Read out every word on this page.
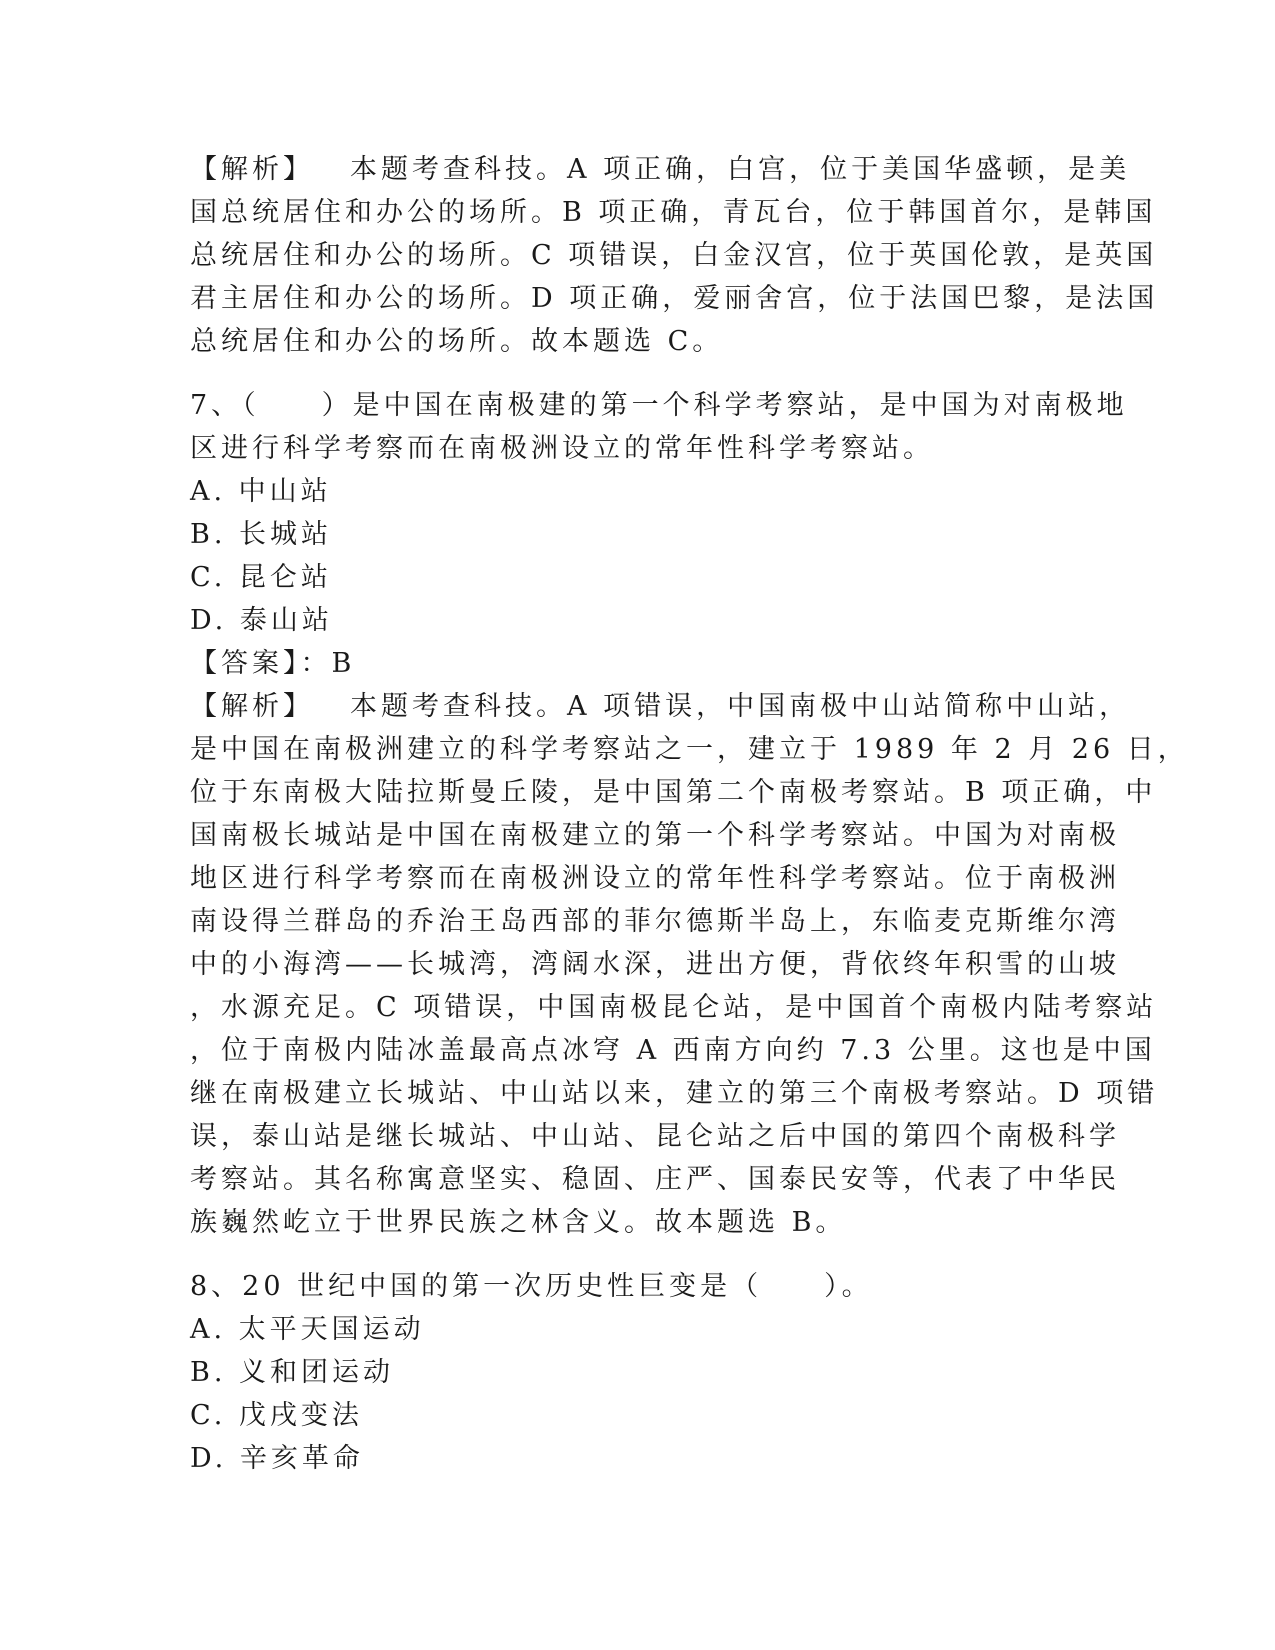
【解析】 本题考查科技。A 项正确，白宫，位于美国华盛顿，是美

国总统居住和办公的场所。B 项正确，青瓦台，位于韩国首尔，是韩国

总统居住和办公的场所。C 项错误，白金汉宫，位于英国伦敦，是英国

君主居住和办公的场所。D 项正确，爱丽舍宫，位于法国巴黎，是法国

总统居住和办公的场所。故本题选 C。

7、（　　）是中国在南极建的第一个科学考察站，是中国为对南极地

区进行科学考察而在南极洲设立的常年性科学考察站。

A. 中山站

B. 长城站

C. 昆仑站

D. 泰山站

【答案】：B

【解析】 本题考查科技。A 项错误，中国南极中山站简称中山站，

是中国在南极洲建立的科学考察站之一，建立于 1989 年 2 月 26 日，

位于东南极大陆拉斯曼丘陵，是中国第二个南极考察站。B 项正确，中

国南极长城站是中国在南极建立的第一个科学考察站。中国为对南极

地区进行科学考察而在南极洲设立的常年性科学考察站。位于南极洲

南设得兰群岛的乔治王岛西部的菲尔德斯半岛上，东临麦克斯维尔湾

中的小海湾——长城湾，湾阔水深，进出方便，背依终年积雪的山坡

，水源充足。C 项错误，中国南极昆仑站，是中国首个南极内陆考察站

，位于南极内陆冰盖最高点冰穹 A 西南方向约 7.3 公里。这也是中国

继在南极建立长城站、中山站以来，建立的第三个南极考察站。D 项错

误，泰山站是继长城站、中山站、昆仑站之后中国的第四个南极科学

考察站。其名称寓意坚实、稳固、庄严、国泰民安等，代表了中华民

族巍然屹立于世界民族之林含义。故本题选 B。

8、20 世纪中国的第一次历史性巨变是（　　）。

A. 太平天国运动

B. 义和团运动

C. 戊戌变法

D. 辛亥革命
